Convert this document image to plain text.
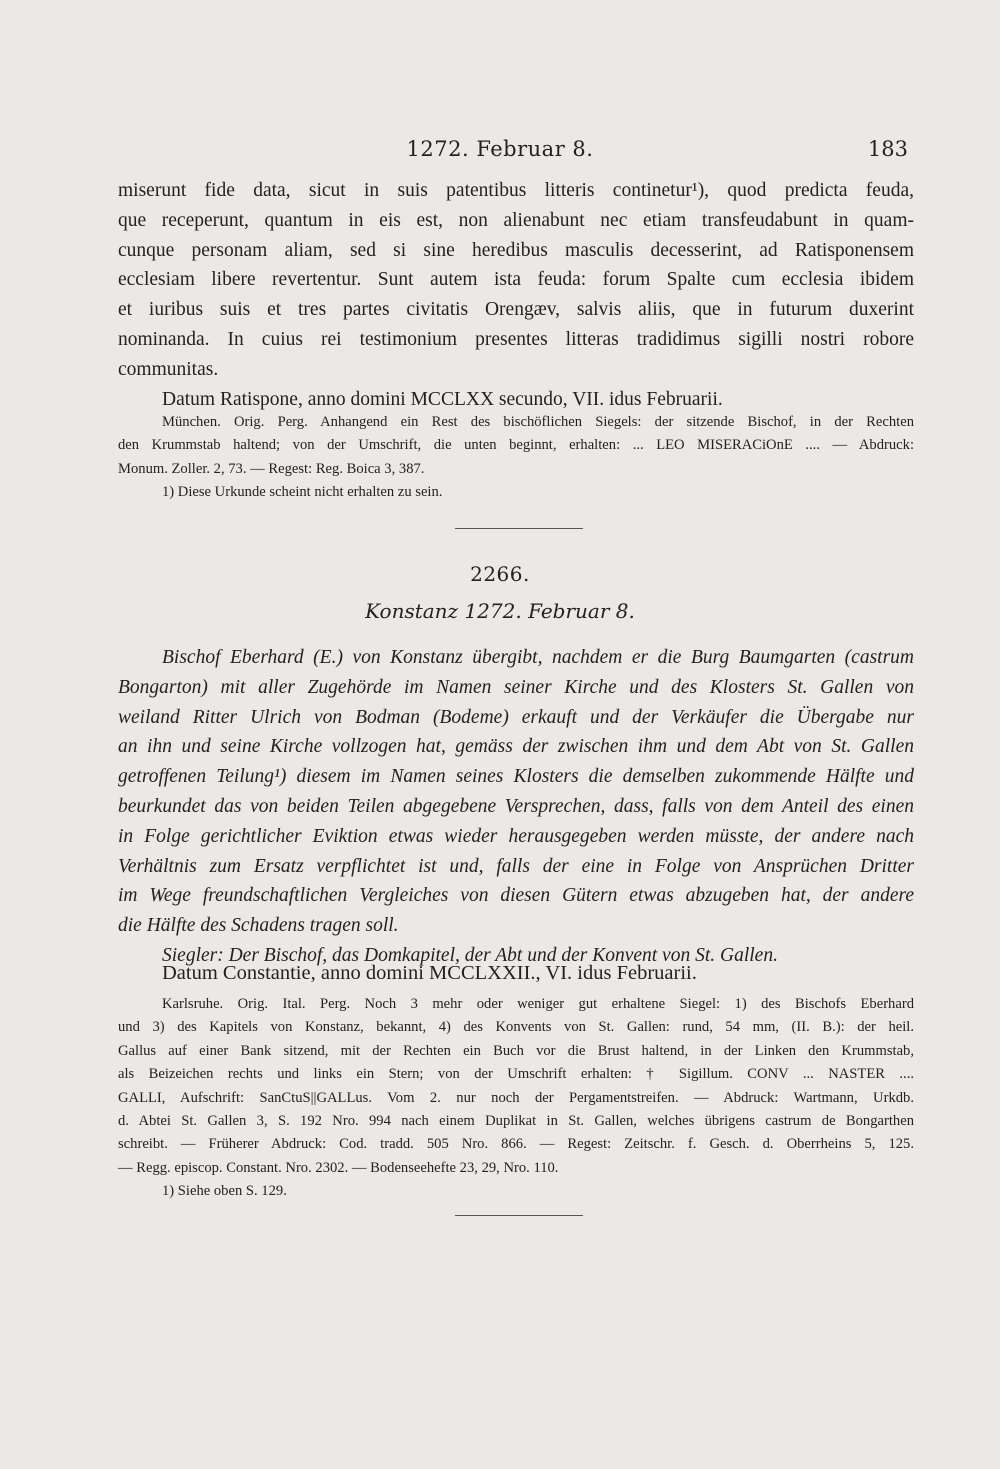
1272. Februar 8.	183
miserunt fide data, sicut in suis patentibus litteris continetur¹), quod predicta feuda,
que receperunt, quantum in eis est, non alienabunt nec etiam transfeudabunt in quam-
cunque personam aliam, sed si sine heredibus masculis decesserint, ad Ratisponensem
ecclesiam libere revertentur. Sunt autem ista feuda: forum Spalte cum ecclesia ibidem
et iuribus suis et tres partes civitatis Orengæv, salvis aliis, que in futurum duxerint
nominanda. In cuius rei testimonium presentes litteras tradidimus sigilli nostri robore
communitas.
Datum Ratispone, anno domini MCCLXX secundo, VII. idus Februarii.
München. Orig. Perg. Anhangend ein Rest des bischöflichen Siegels: der sitzende Bischof, in der Rechten
den Krummstab haltend; von der Umschrift, die unten beginnt, erhalten: ... LEO MISERACiOnE .... — Abdruck:
Monum. Zoller. 2, 73. — Regest: Reg. Boica 3, 387.
1) Diese Urkunde scheint nicht erhalten zu sein.
2266.
Konstanz 1272. Februar 8.
Bischof Eberhard (E.) von Konstanz übergibt, nachdem er die Burg Baumgarten (castrum
Bongarton) mit aller Zugehörde im Namen seiner Kirche und des Klosters St. Gallen von
weiland Ritter Ulrich von Bodman (Bodeme) erkauft und der Verkäufer die Übergabe nur
an ihn und seine Kirche vollzogen hat, gemäss der zwischen ihm und dem Abt von St. Gallen
getroffenen Teilung¹) diesem im Namen seines Klosters die demselben zukommende Hälfte und
beurkundet das von beiden Teilen abgegebene Versprechen, dass, falls von dem Anteil des einen
in Folge gerichtlicher Eviktion etwas wieder herausgegeben werden müsste, der andere nach
Verhältnis zum Ersatz verpflichtet ist und, falls der eine in Folge von Ansprüchen Dritter
im Wege freundschaftlichen Vergleiches von diesen Gütern etwas abzugeben hat, der andere
die Hälfte des Schadens tragen soll.
Siegler: Der Bischof, das Domkapitel, der Abt und der Konvent von St. Gallen.
Datum Constantie, anno domini MCCLXXII., VI. idus Februarii.
Karlsruhe. Orig. Ital. Perg. Noch 3 mehr oder weniger gut erhaltene Siegel: 1) des Bischofs Eberhard
und 3) des Kapitels von Konstanz, bekannt, 4) des Konvents von St. Gallen: rund, 54 mm, (II. B.): der heil.
Gallus auf einer Bank sitzend, mit der Rechten ein Buch vor die Brust haltend, in der Linken den Krummstab,
als Beizeichen rechts und links ein Stern; von der Umschrift erhalten: † Sigillum. CONV ... NASTER ....
GALLI, Aufschrift: SanCtuS||GALLus. Vom 2. nur noch der Pergamentstreifen. — Abdruck: Wartmann, Urkdb.
d. Abtei St. Gallen 3, S. 192 Nro. 994 nach einem Duplikat in St. Gallen, welches übrigens castrum de Bongarthen
schreibt. — Früherer Abdruck: Cod. tradd. 505 Nro. 866. — Regest: Zeitschr. f. Gesch. d. Oberrheins 5, 125.
— Regg. episcop. Constant. Nro. 2302. — Bodenseehefte 23, 29, Nro. 110.
1) Siehe oben S. 129.
